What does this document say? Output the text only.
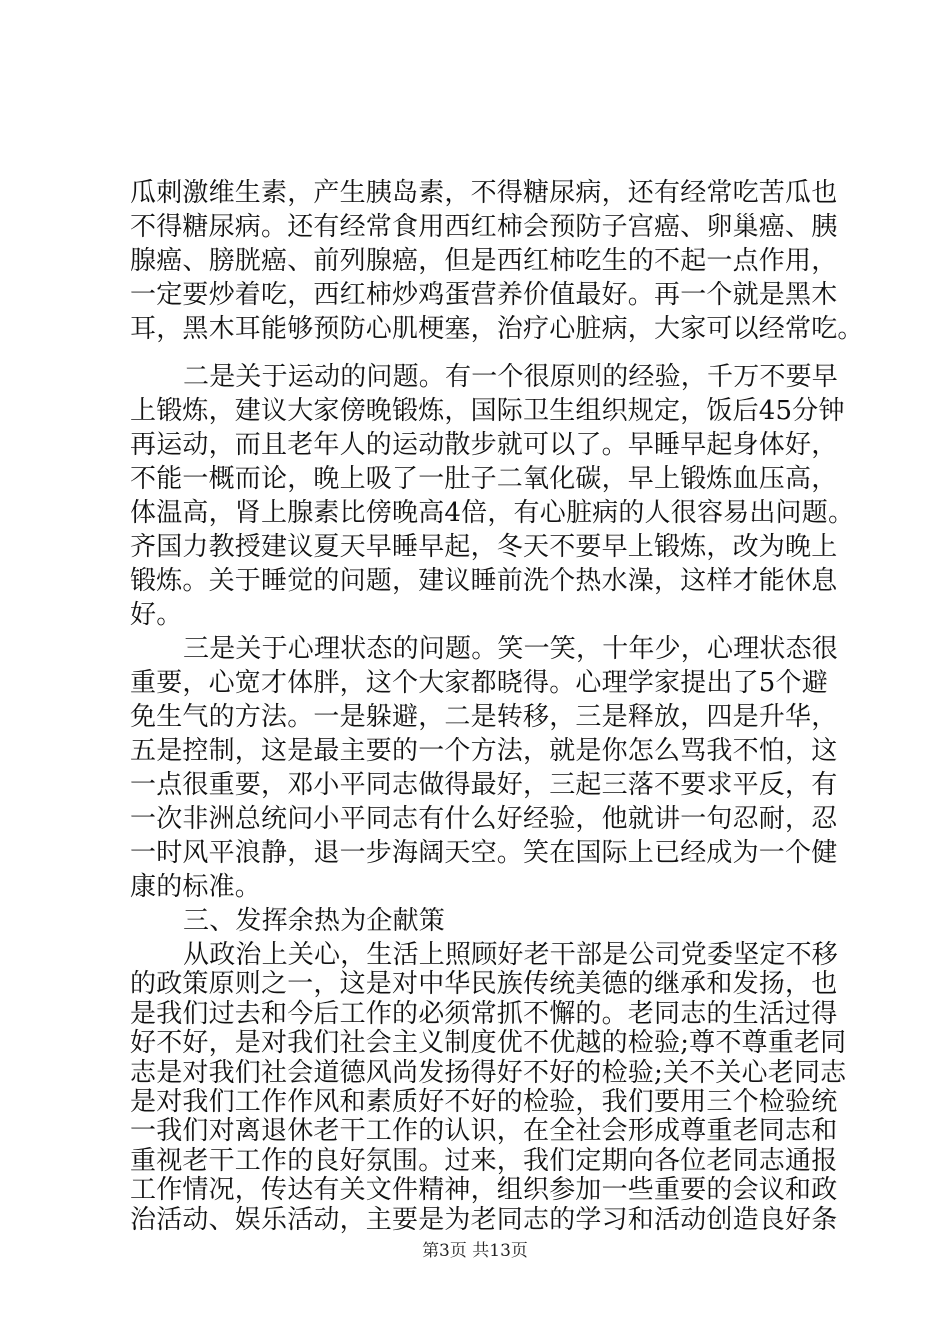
瓜刺激维生素，产生胰岛素，不得糖尿病，还有经常吃苦瓜也
不得糖尿病。还有经常食用西红柿会预防子宫癌、卵巢癌、胰
腺癌、膀胱癌、前列腺癌，但是西红柿吃生的不起一点作用，
一定要炒着吃，西红柿炒鸡蛋营养价值最好。再一个就是黑木
耳，黑木耳能够预防心肌梗塞，治疗心脏病，大家可以经常吃。
二是关于运动的问题。有一个很原则的经验，千万不要早
上锻炼，建议大家傍晚锻炼，国际卫生组织规定，饭后45分钟
再运动，而且老年人的运动散步就可以了。早睡早起身体好，
不能一概而论，晚上吸了一肚子二氧化碳，早上锻炼血压高，
体温高，肾上腺素比傍晚高4倍，有心脏病的人很容易出问题。
齐国力教授建议夏天早睡早起，冬天不要早上锻炼，改为晚上
锻炼。关于睡觉的问题，建议睡前洗个热水澡，这样才能休息
好。
三是关于心理状态的问题。笑一笑，十年少，心理状态很
重要，心宽才体胖，这个大家都晓得。心理学家提出了5个避
免生气的方法。一是躲避，二是转移，三是释放，四是升华，
五是控制，这是最主要的一个方法，就是你怎么骂我不怕，这
一点很重要，邓小平同志做得最好，三起三落不要求平反，有
一次非洲总统问小平同志有什么好经验，他就讲一句忍耐，忍
一时风平浪静，退一步海阔天空。笑在国际上已经成为一个健
康的标准。
三、发挥余热为企献策
从政治上关心，生活上照顾好老干部是公司党委坚定不移
的政策原则之一，这是对中华民族传统美德的继承和发扬，也
是我们过去和今后工作的必须常抓不懈的。老同志的生活过得
好不好，是对我们社会主义制度优不优越的检验;尊不尊重老同
志是对我们社会道德风尚发扬得好不好的检验;关不关心老同志
是对我们工作作风和素质好不好的检验，我们要用三个检验统
一我们对离退休老干工作的认识，在全社会形成尊重老同志和
重视老干工作的良好氛围。过来，我们定期向各位老同志通报
工作情况，传达有关文件精神，组织参加一些重要的会议和政
第3页 共13页
治活动、娱乐活动，主要是为老同志的学习和活动创造良好条
